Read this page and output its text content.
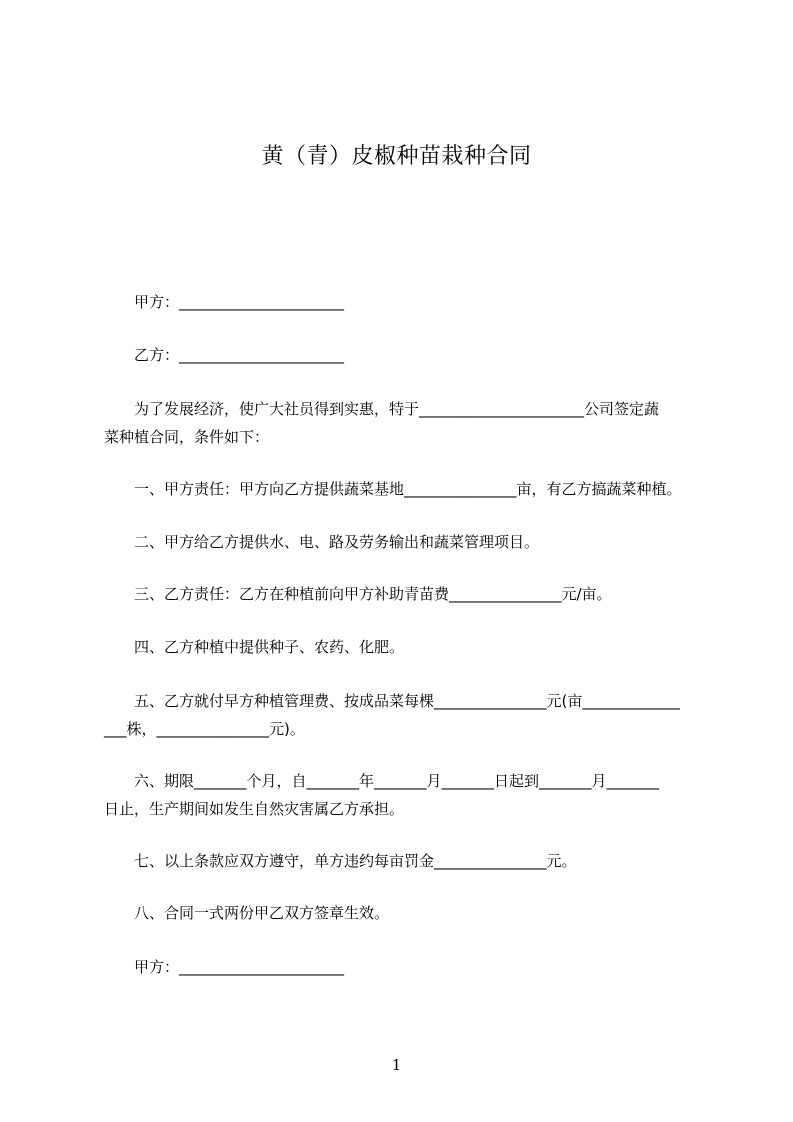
黄（青）皮椒种苗栽种合同
　　甲方：______________________
　　乙方：______________________
　　为了发展经济，使广大社员得到实惠，特于______________________公司签定蔬
菜种植合同，条件如下：
　　一、甲方责任：甲方向乙方提供蔬菜基地_______________亩，有乙方搞蔬菜种植。
　　二、甲方给乙方提供水、电、路及劳务输出和蔬菜管理项目。
　　三、乙方责任：乙方在种植前向甲方补助青苗费_______________元/亩。
　　四、乙方种植中提供种子、农药、化肥。
　　五、乙方就付早方种植管理费、按成品菜每棵_______________元(亩_____________
___株，_______________元)。
　　六、期限_______个月，自_______年_______月_______日起到_______月_______
日止，生产期间如发生自然灾害属乙方承担。
　　七、以上条款应双方遵守，单方违约每亩罚金_______________元。
　　八、合同一式两份甲乙双方签章生效。
　　甲方：______________________
1
